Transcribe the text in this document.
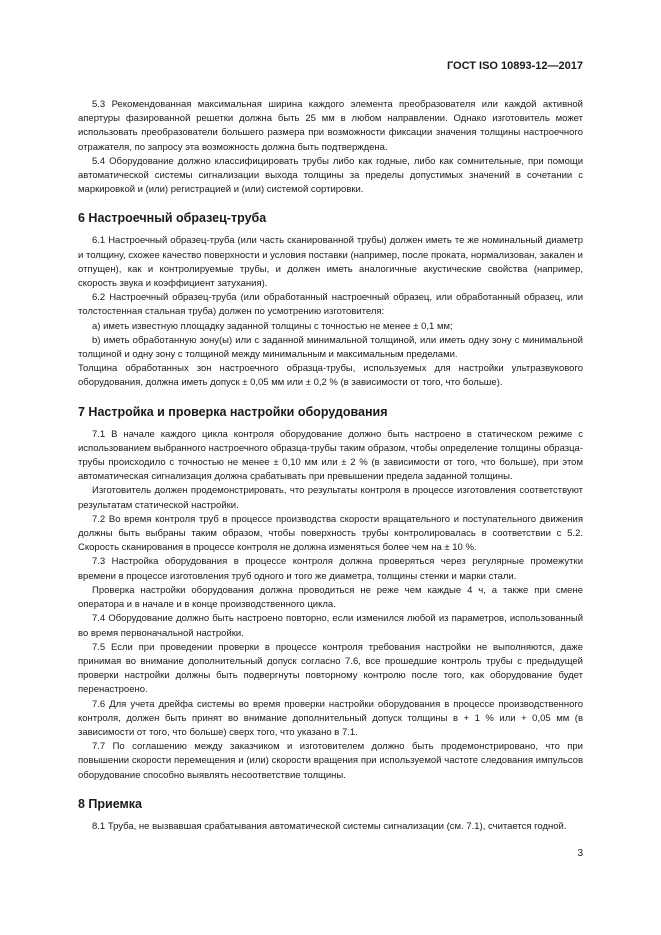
ГОСТ ISO 10893-12—2017

5.3 Рекомендованная максимальная ширина каждого элемента преобразователя или каждой активной апертуры фазированной решетки должна быть 25 мм в любом направлении. Однако изготовитель может использовать преобразователи большего размера при возможности фиксации значения толщины настроечного отражателя, по запросу эта возможность должна быть подтверждена.

5.4 Оборудование должно классифицировать трубы либо как годные, либо как сомнительные, при помощи автоматической системы сигнализации выхода толщины за пределы допустимых значений в сочетании с маркировкой и (или) регистрацией и (или) системой сортировки.

6 Настроечный образец-труба

6.1 Настроечный образец-труба (или часть сканированной трубы) должен иметь те же номинальный диаметр и толщину, схожее качество поверхности и условия поставки (например, после проката, нормализован, закален и отпущен), как и контролируемые трубы, и должен иметь аналогичные акустические свойства (например, скорость звука и коэффициент затухания).

6.2 Настроечный образец-труба (или обработанный настроечный образец, или обработанный образец, или толстостенная стальная труба) должен по усмотрению изготовителя:

a) иметь известную площадку заданной толщины с точностью не менее ± 0,1 мм;

b) иметь обработанную зону(ы) или с заданной минимальной толщиной, или иметь одну зону с минимальной толщиной и одну зону с толщиной между минимальным и максимальным пределами.

Толщина обработанных зон настроечного образца-трубы, используемых для настройки ультразвукового оборудования, должна иметь допуск ± 0,05 мм или ± 0,2 % (в зависимости от того, что больше).

7 Настройка и проверка настройки оборудования

7.1 В начале каждого цикла контроля оборудование должно быть настроено в статическом режиме с использованием выбранного настроечного образца-трубы таким образом, чтобы определение толщины образца-трубы происходило с точностью не менее ± 0,10 мм или ± 2 % (в зависимости от того, что больше), при этом автоматическая сигнализация должна срабатывать при превышении предела заданной толщины.

Изготовитель должен продемонстрировать, что результаты контроля в процессе изготовления соответствуют результатам статической настройки.

7.2 Во время контроля труб в процессе производства скорости вращательного и поступательного движения должны быть выбраны таким образом, чтобы поверхность трубы контролировалась в соответствии с 5.2. Скорость сканирования в процессе контроля не должна изменяться более чем на ± 10 %.

7.3 Настройка оборудования в процессе контроля должна проверяться через регулярные промежутки времени в процессе изготовления труб одного и того же диаметра, толщины стенки и марки стали.

Проверка настройки оборудования должна проводиться не реже чем каждые 4 ч, а также при смене оператора и в начале и в конце производственного цикла.

7.4 Оборудование должно быть настроено повторно, если изменился любой из параметров, использованный во время первоначальной настройки.

7.5 Если при проведении проверки в процессе контроля требования настройки не выполняются, даже принимая во внимание дополнительный допуск согласно 7.6, все прошедшие контроль трубы с предыдущей проверки настройки должны быть подвергнуты повторному контролю после того, как оборудование будет перенастроено.

7.6 Для учета дрейфа системы во время проверки настройки оборудования в процессе производственного контроля, должен быть принят во внимание дополнительный допуск толщины в + 1 % или + 0,05 мм (в зависимости от того, что больше) сверх того, что указано в 7.1.

7.7 По соглашению между заказчиком и изготовителем должно быть продемонстрировано, что при повышении скорости перемещения и (или) скорости вращения при используемой частоте следования импульсов оборудование способно выявлять несоответствие толщины.

8 Приемка

8.1 Труба, не вызвавшая срабатывания автоматической системы сигнализации (см. 7.1), считается годной.

3
